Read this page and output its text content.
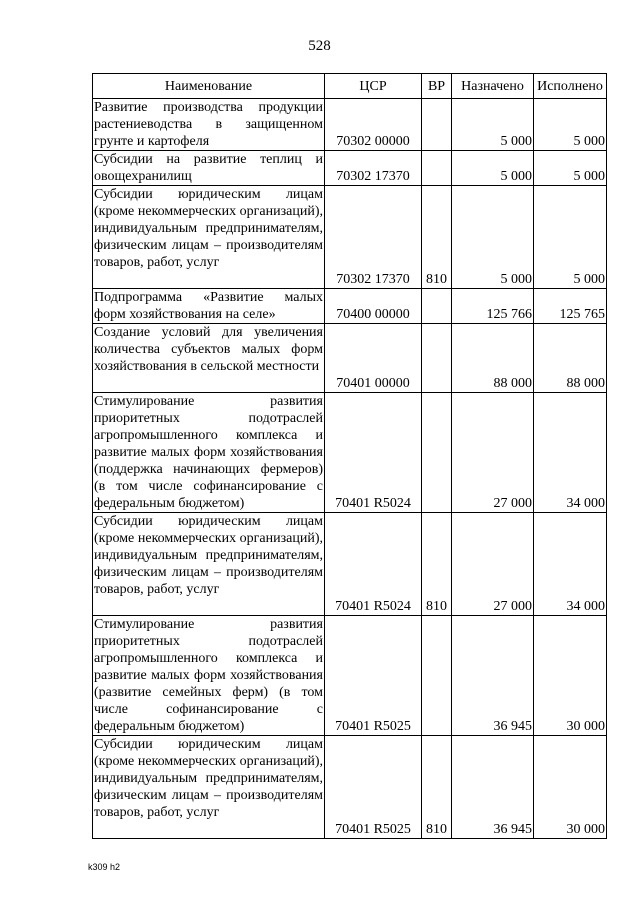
528
Наименование	ЦСР	ВР	Назначено	Исполнено
Развитие производства продукции растениеводства в защищенном грунте и картофеля	70302 00000		5 000	5 000
Субсидии на развитие теплиц и овощехранилищ	70302 17370		5 000	5 000
Субсидии юридическим лицам (кроме некоммерческих организаций), индивидуальным предпринимателям, физическим лицам – производителям товаров, работ, услуг	70302 17370	810	5 000	5 000
Подпрограмма «Развитие малых форм хозяйствования на селе»	70400 00000		125 766	125 765
Создание условий для увеличения количества субъектов малых форм хозяйствования в сельской местности	70401 00000		88 000	88 000
Стимулирование развития приоритетных подотраслей агропромышленного комплекса и развитие малых форм хозяйствования (поддержка начинающих фермеров) (в том числе софинансирование с федеральным бюджетом)	70401 R5024		27 000	34 000
Субсидии юридическим лицам (кроме некоммерческих организаций), индивидуальным предпринимателям, физическим лицам – производителям товаров, работ, услуг	70401 R5024	810	27 000	34 000
Стимулирование развития приоритетных подотраслей агропромышленного комплекса и развитие малых форм хозяйствования (развитие семейных ферм) (в том числе софинансирование с федеральным бюджетом)	70401 R5025		36 945	30 000
Субсидии юридическим лицам (кроме некоммерческих организаций), индивидуальным предпринимателям, физическим лицам – производителям товаров, работ, услуг	70401 R5025	810	36 945	30 000
k309 h2
